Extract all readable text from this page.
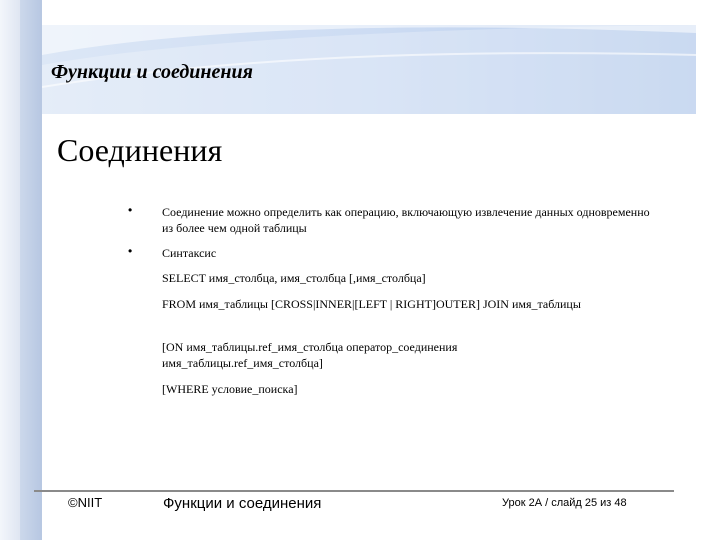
Функции и соединения
Соединения
• Соединение можно определить как операцию, включающую извлечение данных одновременно из более чем одной таблицы
• Синтаксис
SELECT имя_столбца, имя_столбца [,имя_столбца]
FROM имя_таблицы [CROSS|INNER|[LEFT | RIGHT]OUTER] JOIN имя_таблицы
[ON имя_таблицы.ref_имя_столбца оператор_соединения имя_таблицы.ref_имя_столбца]
[WHERE условие_поиска]
©NIIT	Функции и соединения	Урок 2А / слайд 25 из 48
